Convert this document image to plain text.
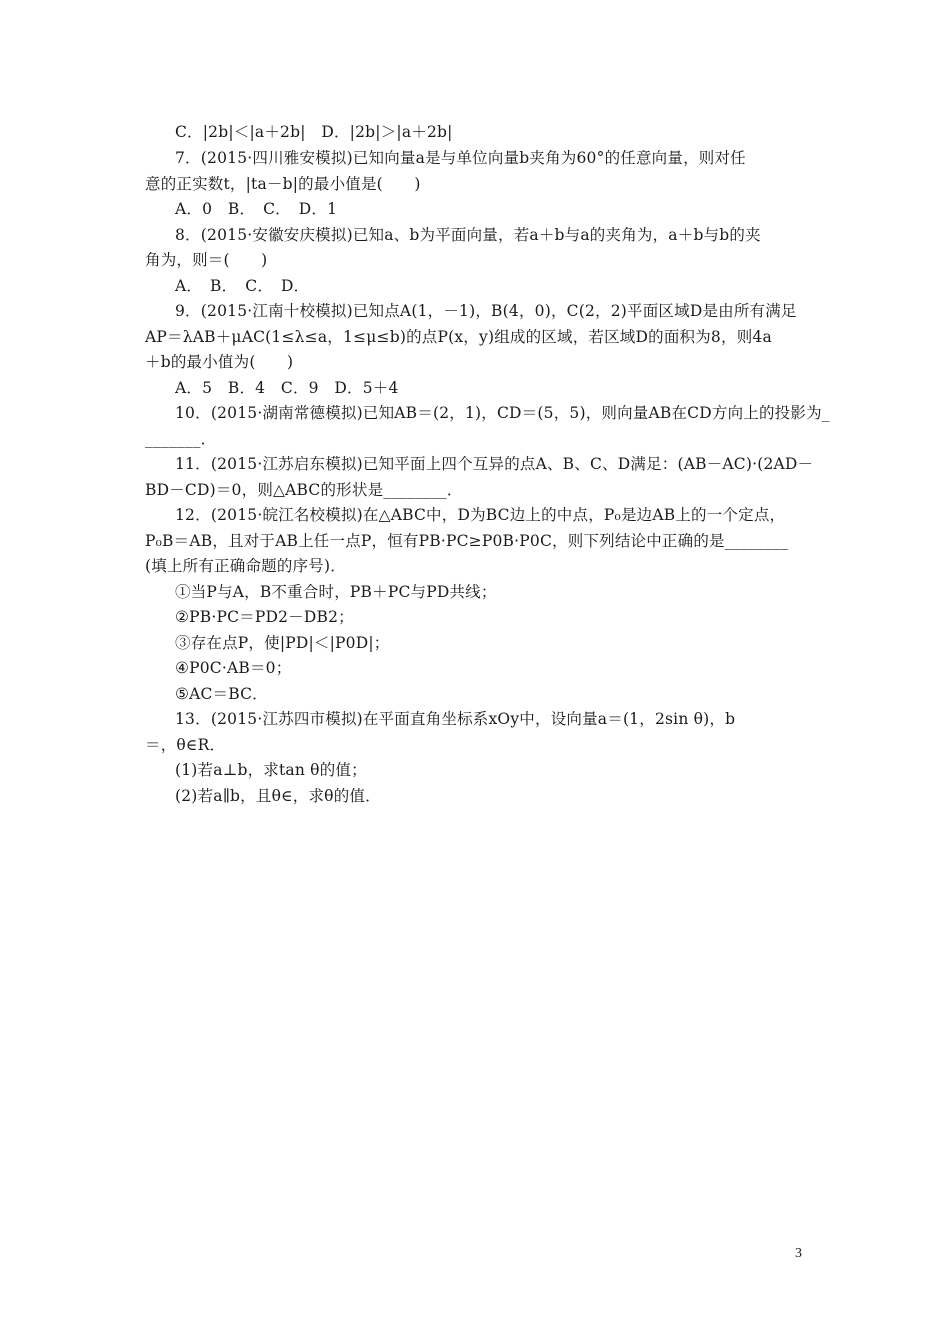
C．|2b|＜|a＋2b|　D．|2b|＞|a＋2b|
7．(2015·四川雅安模拟)已知向量a是与单位向量b夹角为60°的任意向量，则对任
意的正实数t，|ta－b|的最小值是(　　)
A．0　B．　C．　D．1
8．(2015·安徽安庆模拟)已知a、b为平面向量，若a＋b与a的夹角为，a＋b与b的夹
角为，则＝(　　)
A．　B．　C．　D．
9．(2015·江南十校模拟)已知点A(1，－1)，B(4，0)，C(2，2)平面区域D是由所有满足
AP＝λAB＋μAC(1≤λ≤a，1≤μ≤b)的点P(x，y)组成的区域，若区域D的面积为8，则4a
＋b的最小值为(　　)
A．5　B．4　C．9　D．5＋4
10．(2015·湖南常德模拟)已知AB＝(2，1)，CD＝(5，5)，则向量AB在CD方向上的投影为_
_______．
11．(2015·江苏启东模拟)已知平面上四个互异的点A、B、C、D满足：(AB－AC)·(2AD－
BD－CD)＝0，则△ABC的形状是________．
12．(2015·皖江名校模拟)在△ABC中，D为BC边上的中点，P₀是边AB上的一个定点，
P₀B＝AB，且对于AB上任一点P，恒有PB·PC≥P0B·P0C，则下列结论中正确的是________
(填上所有正确命题的序号)．
①当P与A，B不重合时，PB＋PC与PD共线；
②PB·PC＝PD2－DB2；
③存在点P，使|PD|＜|P0D|；
④P0C·AB＝0；
⑤AC＝BC．
13．(2015·江苏四市模拟)在平面直角坐标系xOy中，设向量a＝(1，2sin θ)，b
＝，θ∈R．
(1)若a⊥b，求tan θ的值；
(2)若a∥b，且θ∈，求θ的值．
3
